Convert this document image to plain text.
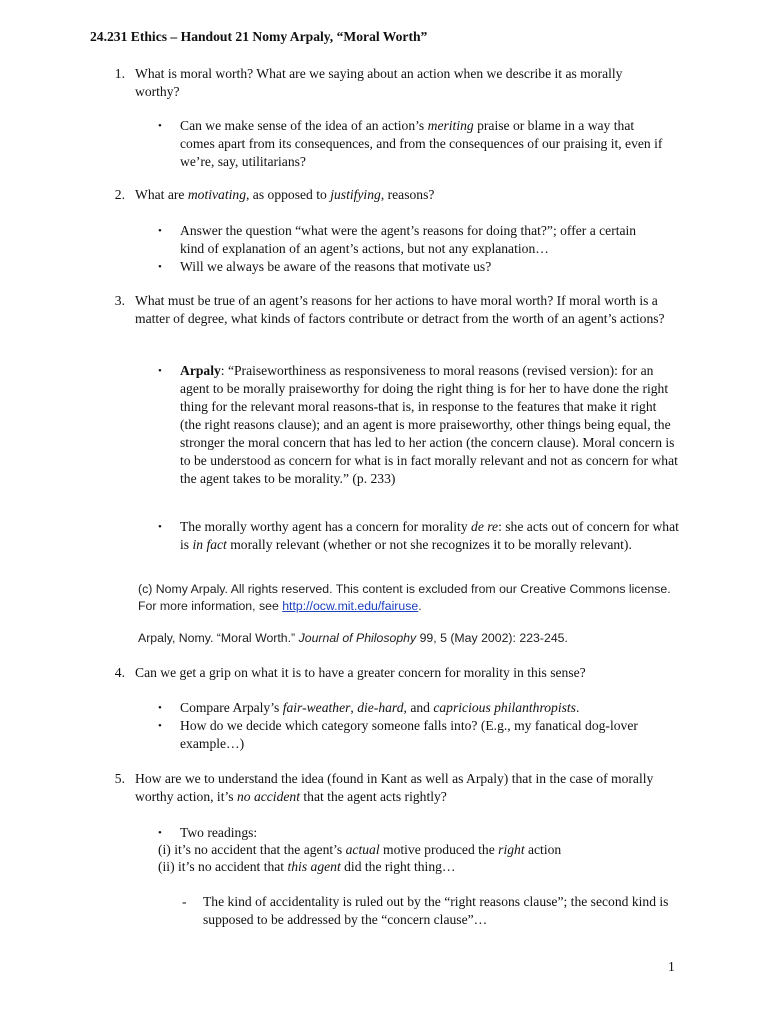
24.231 Ethics – Handout 21 Nomy Arpaly, “Moral Worth”
1. What is moral worth? What are we saying about an action when we describe it as morally worthy?
• Can we make sense of the idea of an action’s meriting praise or blame in a way that comes apart from its consequences, and from the consequences of our praising it, even if we’re, say, utilitarians?
2. What are motivating, as opposed to justifying, reasons?
• Answer the question “what were the agent’s reasons for doing that?”; offer a certain kind of explanation of an agent’s actions, but not any explanation…
• Will we always be aware of the reasons that motivate us?
3. What must be true of an agent’s reasons for her actions to have moral worth? If moral worth is a matter of degree, what kinds of factors contribute or detract from the worth of an agent’s actions?
• Arpaly: “Praiseworthiness as responsiveness to moral reasons (revised version): for an agent to be morally praiseworthy for doing the right thing is for her to have done the right thing for the relevant moral reasons-that is, in response to the features that make it right (the right reasons clause); and an agent is more praiseworthy, other things being equal, the stronger the moral concern that has led to her action (the concern clause). Moral concern is to be understood as concern for what is in fact morally relevant and not as concern for what the agent takes to be morality.” (p. 233)
• The morally worthy agent has a concern for morality de re: she acts out of concern for what is in fact morally relevant (whether or not she recognizes it to be morally relevant).
(c) Nomy Arpaly. All rights reserved. This content is excluded from our Creative Commons license.
For more information, see http://ocw.mit.edu/fairuse.
Arpaly, Nomy. “Moral Worth.” Journal of Philosophy 99, 5 (May 2002): 223-245.
4. Can we get a grip on what it is to have a greater concern for morality in this sense?
• Compare Arpaly’s fair-weather, die-hard, and capricious philanthropists.
• How do we decide which category someone falls into? (E.g., my fanatical dog-lover example…)
5. How are we to understand the idea (found in Kant as well as Arpaly) that in the case of morally worthy action, it’s no accident that the agent acts rightly?
• Two readings:
(i) it’s no accident that the agent’s actual motive produced the right action
(ii) it’s no accident that this agent did the right thing…
- The kind of accidentality is ruled out by the “right reasons clause”; the second kind is supposed to be addressed by the “concern clause”…
1
